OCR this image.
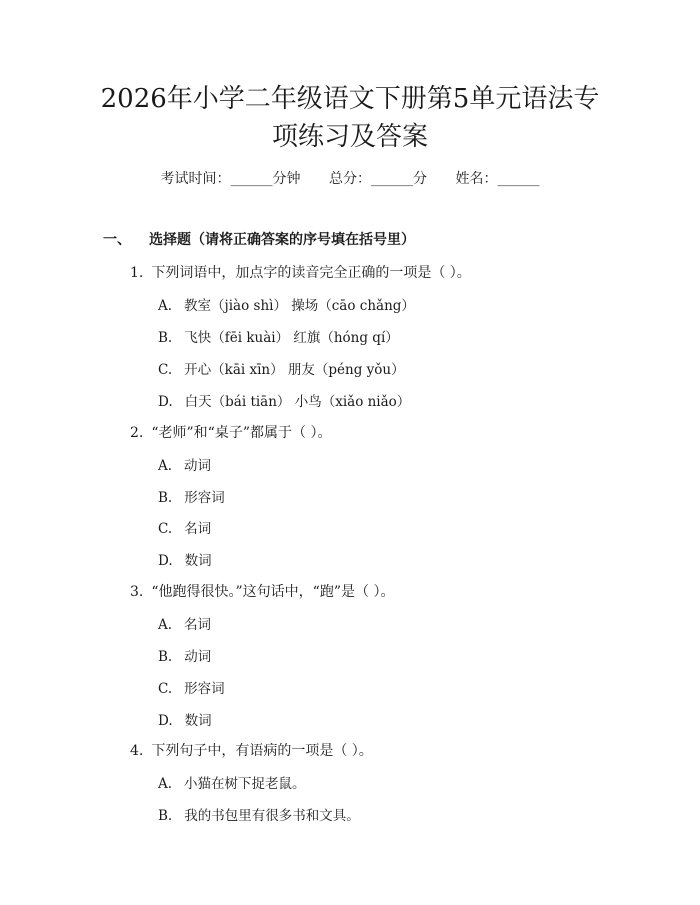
2026年小学二年级语文下册第5单元语法专
项练习及答案
考试时间：______分钟 总分：______分 姓名：______
一、 选择题（请将正确答案的序号填在括号里）
1. 下列词语中，加点字的读音完全正确的一项是（ ）。
A. 教室（jiào shì） 操场（cāo chǎng）
B. 飞快（fēi kuài） 红旗（hóng qí）
C. 开心（kāi xīn） 朋友（péng yǒu）
D. 白天（bái tiān） 小鸟（xiǎo niǎo）
2. “老师”和“桌子”都属于（ ）。
A. 动词
B. 形容词
C. 名词
D. 数词
3. “他跑得很快。”这句话中，“跑”是（ ）。
A. 名词
B. 动词
C. 形容词
D. 数词
4. 下列句子中，有语病的一项是（ ）。
A. 小猫在树下捉老鼠。
B. 我的书包里有很多书和文具。
